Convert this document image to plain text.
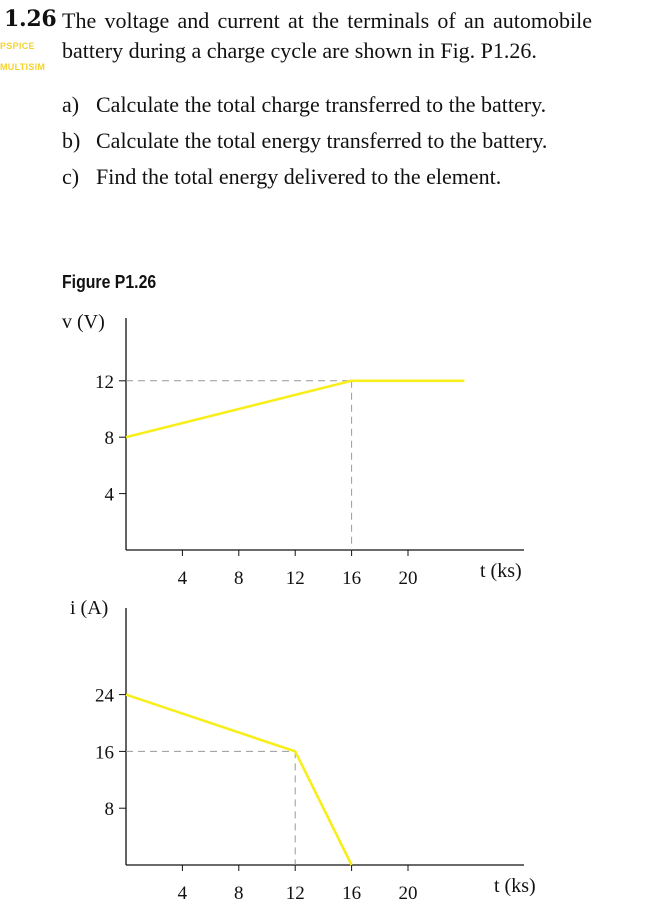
1.26
PSPICE
MULTISIM
The voltage and current at the terminals of an automobile battery during a charge cycle are shown in Fig. P1.26.
a) Calculate the total charge transferred to the battery.
b) Calculate the total energy transferred to the battery.
c) Find the total energy delivered to the element.
Figure P1.26
4 8 12 16 20
4
8
12
v (V)
t (ks)
4 8 12 16 20
8
16
24
i (A)
t (ks)
